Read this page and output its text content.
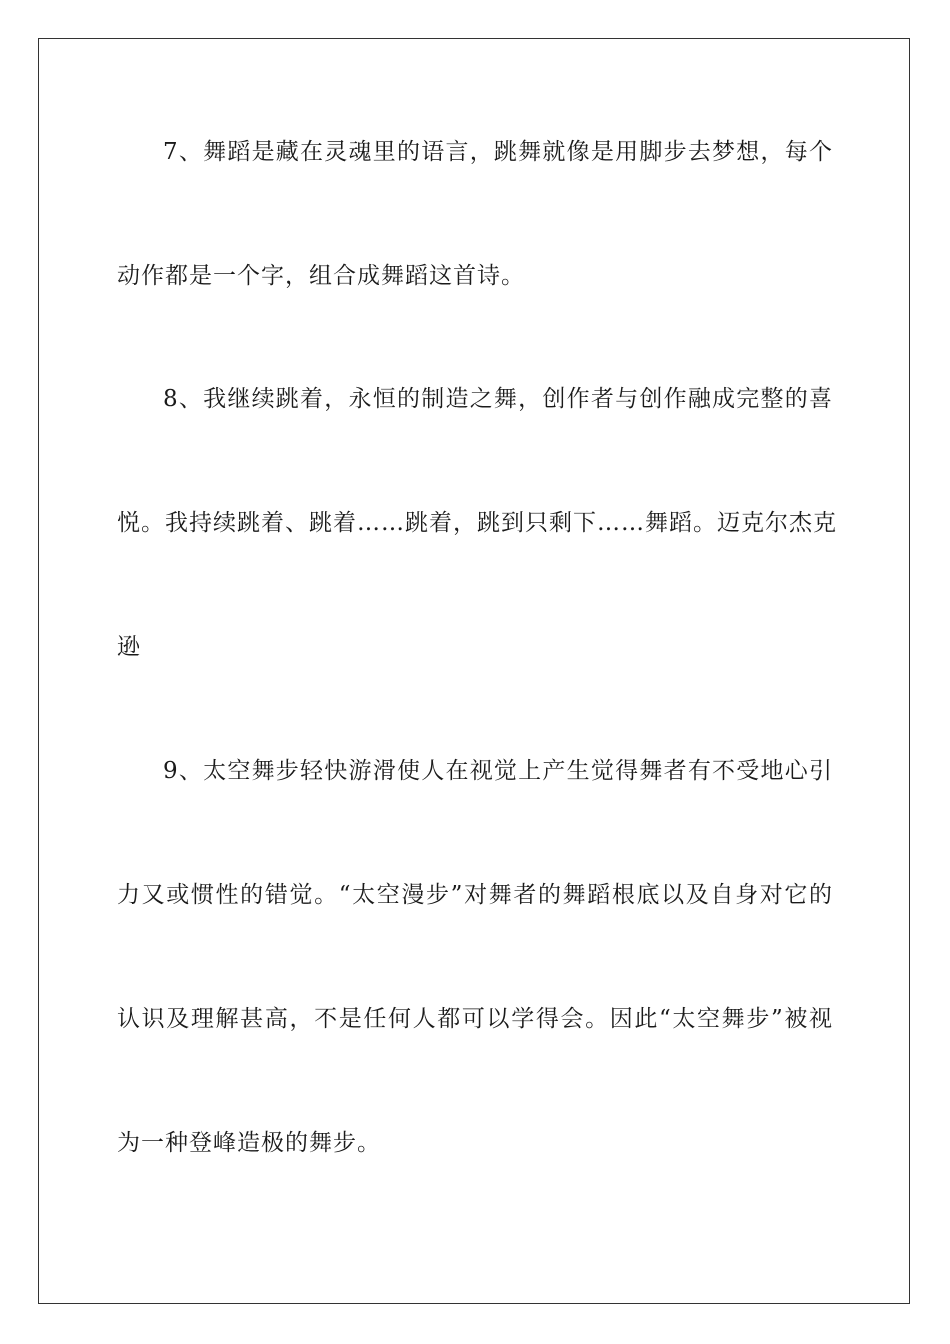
7、舞蹈是藏在灵魂里的语言，跳舞就像是用脚步去梦想，每个
动作都是一个字，组合成舞蹈这首诗。
8、我继续跳着，永恒的制造之舞，创作者与创作融成完整的喜
悦。我持续跳着、跳着……跳着，跳到只剩下……舞蹈。迈克尔杰克
逊
9、太空舞步轻快游滑使人在视觉上产生觉得舞者有不受地心引
力又或惯性的错觉。“太空漫步”对舞者的舞蹈根底以及自身对它的
认识及理解甚高，不是任何人都可以学得会。因此“太空舞步”被视
为一种登峰造极的舞步。
